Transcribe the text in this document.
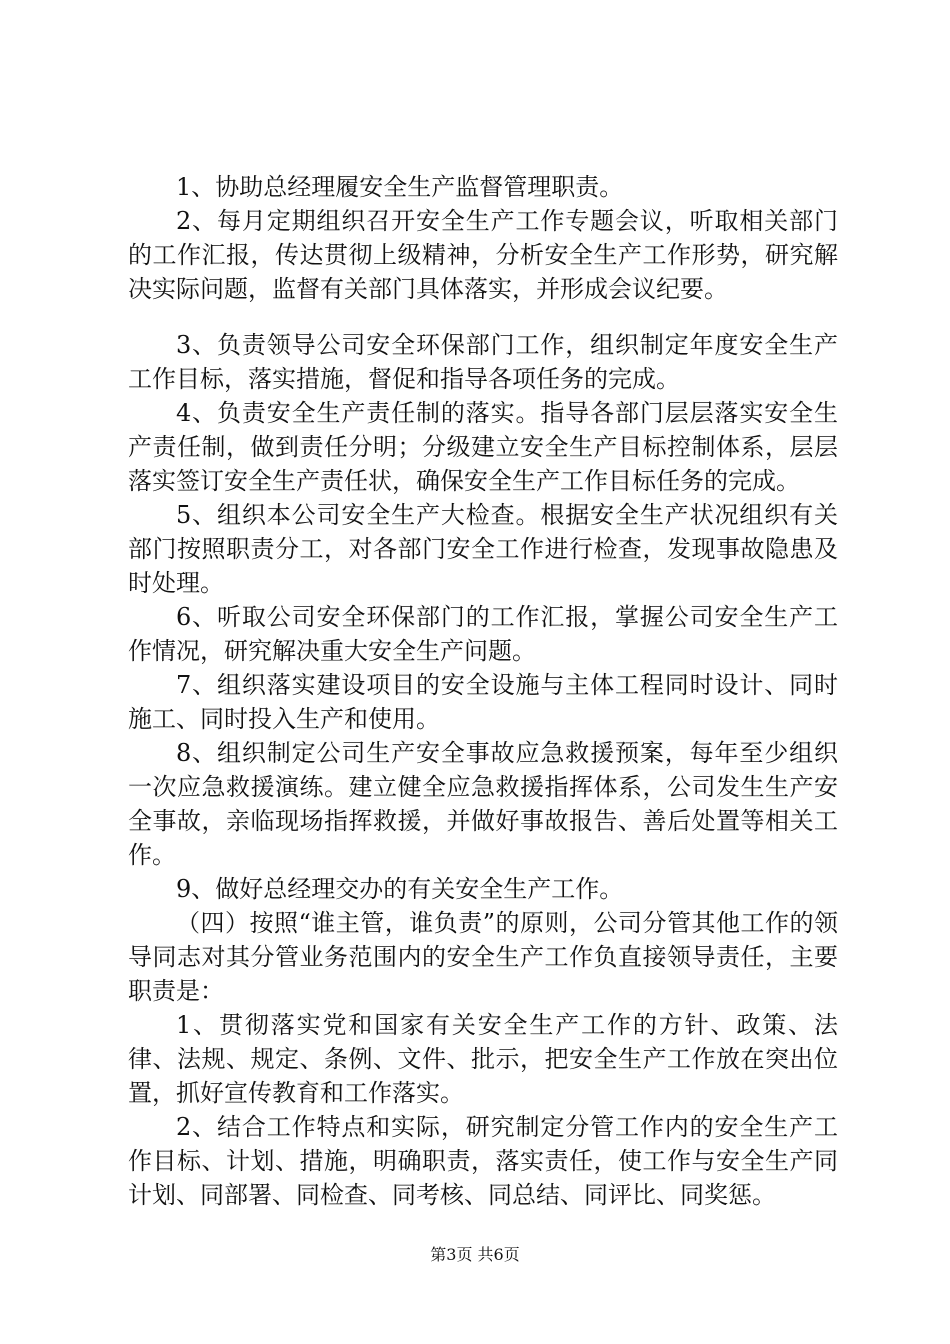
1、协助总经理履安全生产监督管理职责。

2、每月定期组织召开安全生产工作专题会议，听取相关部门的工作汇报，传达贯彻上级精神，分析安全生产工作形势，研究解决实际问题，监督有关部门具体落实，并形成会议纪要。

3、负责领导公司安全环保部门工作，组织制定年度安全生产工作目标，落实措施，督促和指导各项任务的完成。

4、负责安全生产责任制的落实。指导各部门层层落实安全生产责任制，做到责任分明；分级建立安全生产目标控制体系，层层落实签订安全生产责任状，确保安全生产工作目标任务的完成。

5、组织本公司安全生产大检查。根据安全生产状况组织有关部门按照职责分工，对各部门安全工作进行检查，发现事故隐患及时处理。

6、听取公司安全环保部门的工作汇报，掌握公司安全生产工作情况，研究解决重大安全生产问题。

7、组织落实建设项目的安全设施与主体工程同时设计、同时施工、同时投入生产和使用。

8、组织制定公司生产安全事故应急救援预案，每年至少组织一次应急救援演练。建立健全应急救援指挥体系，公司发生生产安全事故，亲临现场指挥救援，并做好事故报告、善后处置等相关工作。

9、做好总经理交办的有关安全生产工作。

（四）按照“谁主管，谁负责”的原则，公司分管其他工作的领导同志对其分管业务范围内的安全生产工作负直接领导责任，主要职责是：

1、贯彻落实党和国家有关安全生产工作的方针、政策、法律、法规、规定、条例、文件、批示，把安全生产工作放在突出位置，抓好宣传教育和工作落实。

2、结合工作特点和实际，研究制定分管工作内的安全生产工作目标、计划、措施，明确职责，落实责任，使工作与安全生产同计划、同部署、同检查、同考核、同总结、同评比、同奖惩。

第3页 共6页
